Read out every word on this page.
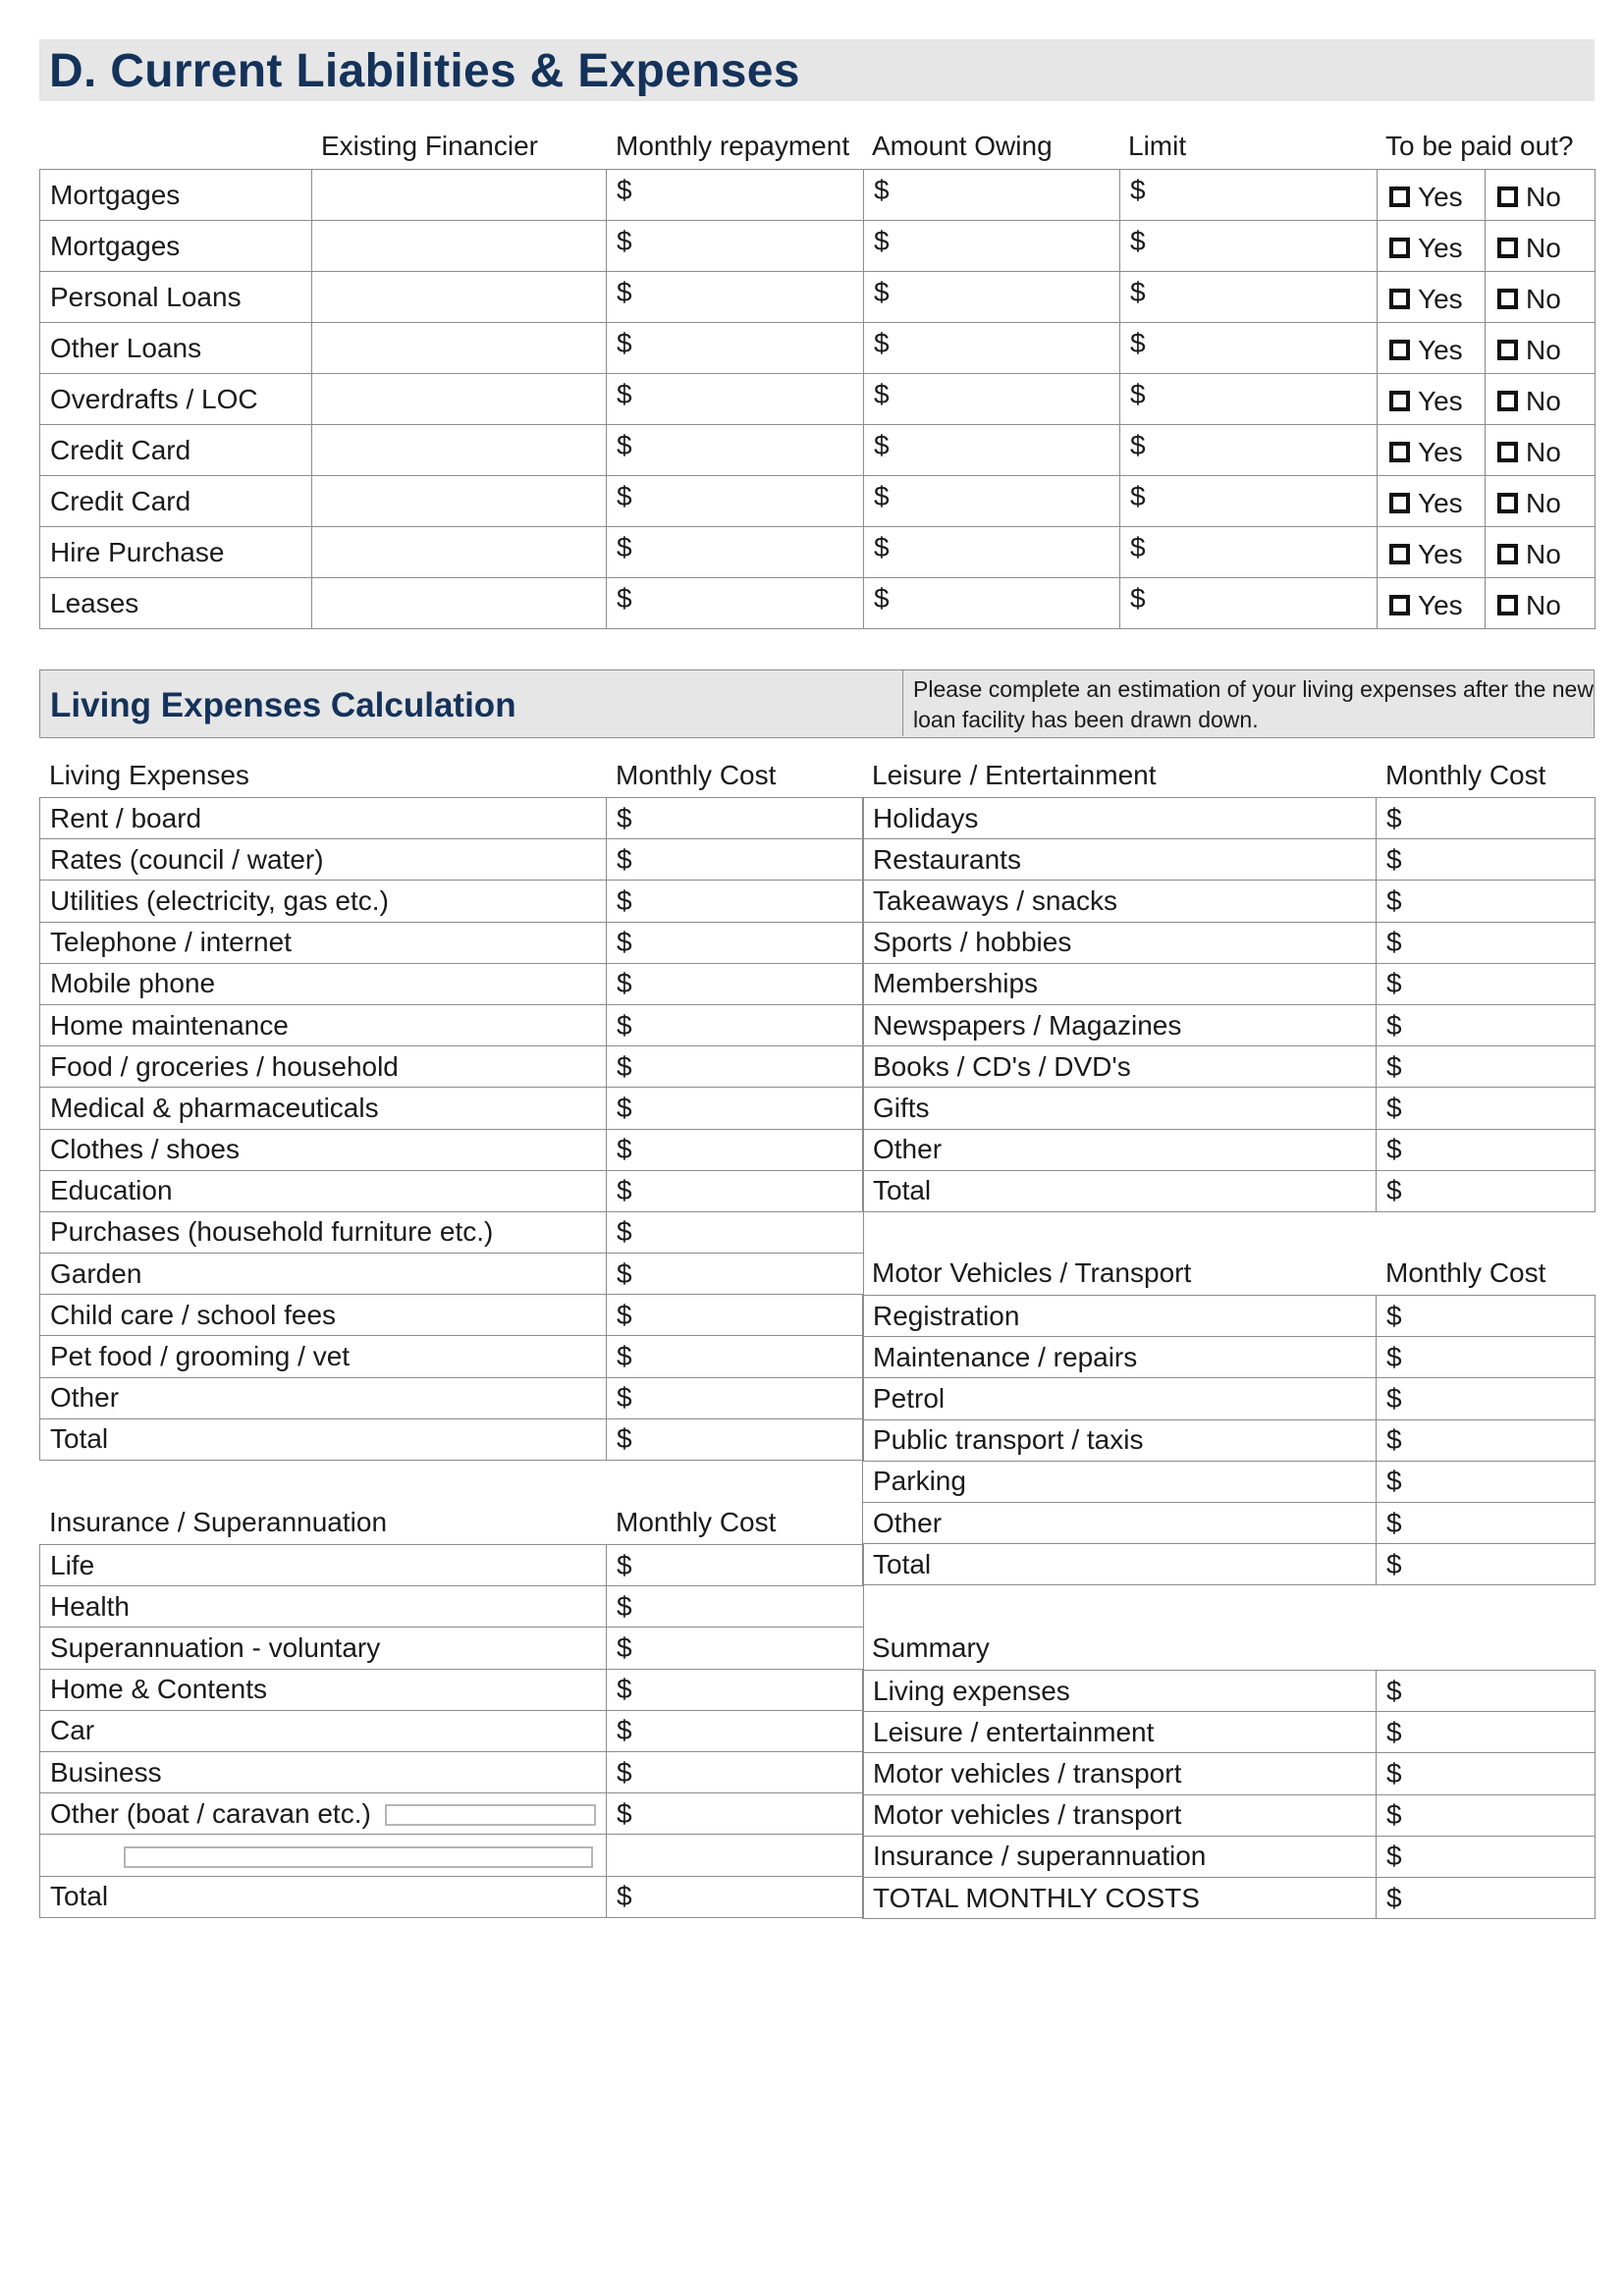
D. Current Liabilities & Expenses
Existing Financier	Monthly repayment Amount Owing	Limit	To be paid out?
Mortgages		$	$	$	Yes	No

Mortgages		$	$	$	Yes	No

Personal Loans		$	$	$	Yes	No

Other Loans		$	$	$	Yes	No

Overdrafts / LOC		$	$	$	Yes	No

Credit Card		$	$	$	Yes	No

Credit Card		$	$	$	Yes	No

Hire Purchase		$	$	$	Yes	No

Leases		$	$	$	Yes	No
Living Expenses Calculation	Please complete an estimation of your living expenses after the new loan facility has been drawn down.
Living Expenses	Monthly Cost
Rent / board	$
Rates (council / water)	$
Utilities (electricity, gas etc.)	$
Telephone / internet	$
Mobile phone	$
Home maintenance	$
Food / groceries / household	$
Medical & pharmaceuticals	$
Clothes / shoes	$
Education	$
Purchases (household furniture etc.)	$
Garden	$
Child care / school fees	$
Pet food / grooming / vet	$
Other	$
Total	$
Insurance / Superannuation	Monthly Cost
Life	$
Health	$
Superannuation - voluntary	$
Home & Contents	$
Car	$
Business	$
Other (boat / caravan etc.)	$

Total	$
Leisure / Entertainment	Monthly Cost
Holidays	$
Restaurants	$
Takeaways / snacks	$
Sports / hobbies	$
Memberships	$
Newspapers / Magazines	$
Books / CD's / DVD's	$
Gifts	$
Other	$
Total	$
Motor Vehicles / Transport	Monthly Cost
Registration	$
Maintenance / repairs	$
Petrol	$
Public transport / taxis	$
Parking	$
Other	$
Total	$
Summary
Living expenses	$
Leisure / entertainment	$
Motor vehicles / transport	$
Motor vehicles / transport	$
Insurance / superannuation	$
TOTAL MONTHLY COSTS	$
